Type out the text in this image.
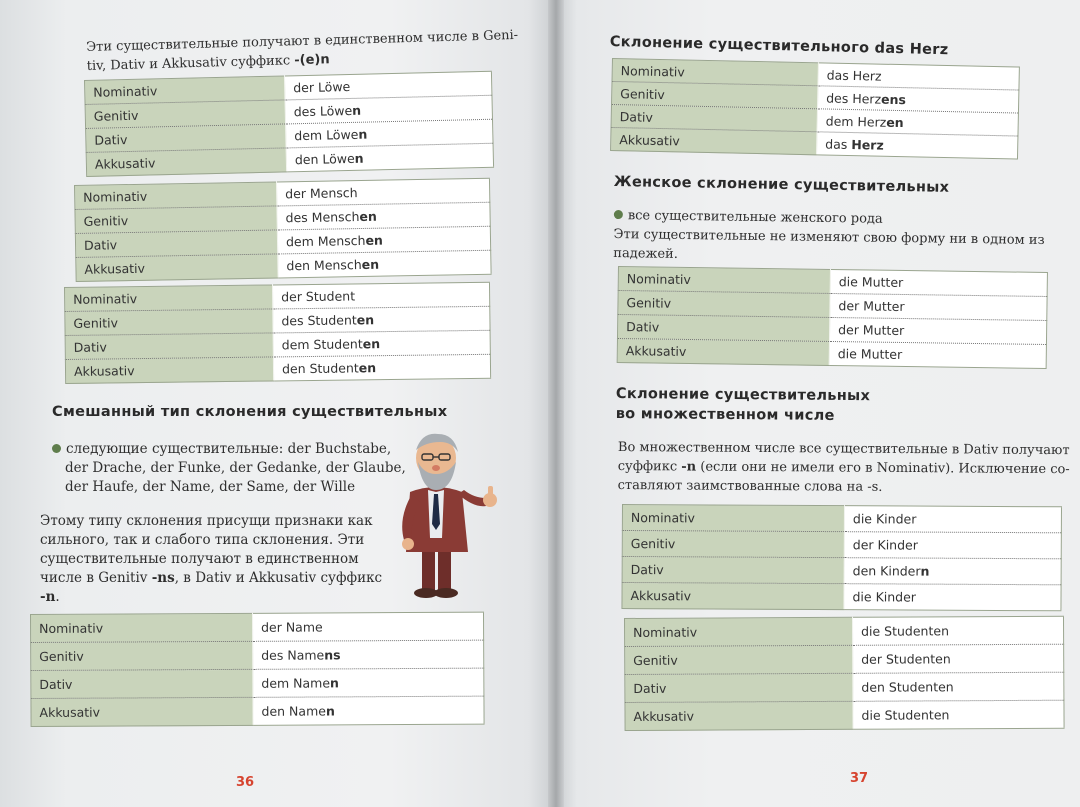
Эти существительные получают в единственном числе в Geni-
tiv, Dativ и Akkusativ суффикс -(e)n
Nominativ	der Löwe
Genitiv	des Löwen
Dativ	dem Löwen
Akkusativ	den Löwen
Nominativ	der Mensch
Genitiv	des Menschen
Dativ	dem Menschen
Akkusativ	den Menschen
Nominativ	der Student
Genitiv	des Studenten
Dativ	dem Studenten
Akkusativ	den Studenten
Смешанный тип склонения существительных
следующие существительные: der Buchstabe,
der Drache, der Funke, der Gedanke, der Glaube,
der Haufe, der Name, der Same, der Wille
Этому типу склонения присущи признаки как
сильного, так и слабого типа склонения. Эти
существительные получают в единственном
числе в Genitiv -ns, в Dativ и Akkusativ суффикс
-n.
Nominativ	der Name
Genitiv	des Namens
Dativ	dem Namen
Akkusativ	den Namen
36
Склонение существительного das Herz
Nominativ	das Herz
Genitiv	des Herzens
Dativ	dem Herzen
Akkusativ	das Herz
Женское склонение существительных
все существительные женского рода
Эти существительные не изменяют свою форму ни в одном из
падежей.
Nominativ	die Mutter
Genitiv	der Mutter
Dativ	der Mutter
Akkusativ	die Mutter
Склонение существительных
во множественном числе
Во множественном числе все существительные в Dativ получают
суффикс -n (если они не имели его в Nominativ). Исключение со-
ставляют заимствованные слова на -s.
Nominativ	die Kinder
Genitiv	der Kinder
Dativ	den Kindern
Akkusativ	die Kinder
Nominativ	die Studenten
Genitiv	der Studenten
Dativ	den Studenten
Akkusativ	die Studenten
37
